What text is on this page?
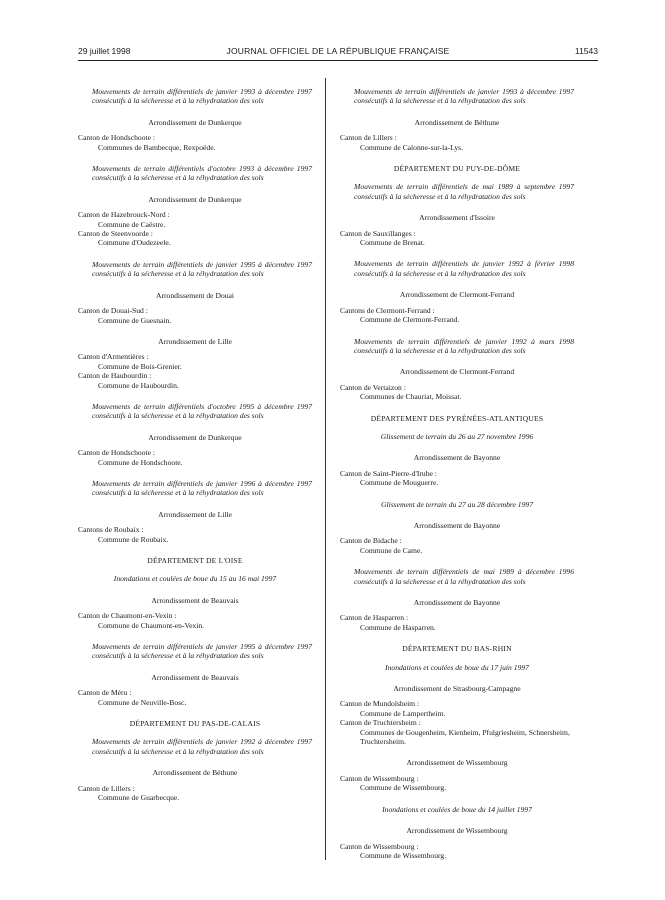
29 juillet 1998	JOURNAL OFFICIEL DE LA RÉPUBLIQUE FRANÇAISE	11543
Mouvements de terrain différentiels de janvier 1993 à décembre 1997 consécutifs à la sécheresse et à la réhydratation des sols
Arrondissement de Dunkerque
Canton de Hondschoote :
Communes de Bambecque, Rexpoëde.
Mouvements de terrain différentiels d'octobre 1993 à décembre 1997 consécutifs à la sécheresse et à la réhydratation des sols
Arrondissement de Dunkerque
Canton de Hazebrouck-Nord :
Commune de Caëstre.
Canton de Steenvoorde :
Commune d'Oudezeele.
Mouvements de terrain différentiels de janvier 1995 à décembre 1997 consécutifs à la sécheresse et à la réhydratation des sols
Arrondissement de Douai
Canton de Douai-Sud :
Commune de Guesnain.
Arrondissement de Lille
Canton d'Armentières :
Commune de Bois-Grenier.
Canton de Haubourdin :
Commune de Haubourdin.
Mouvements de terrain différentiels d'octobre 1995 à décembre 1997 consécutifs à la sécheresse et à la réhydratation des sols
Arrondissement de Dunkerque
Canton de Hondschoote :
Commune de Hondschoote.
Mouvements de terrain différentiels de janvier 1996 à décembre 1997 consécutifs à la sécheresse et à la réhydratation des sols
Arrondissement de Lille
Cantons de Roubaix :
Commune de Roubaix.
DÉPARTEMENT DE L'OISE
Inondations et coulées de boue du 15 au 16 mai 1997
Arrondissement de Beauvais
Canton de Chaumont-en-Vexin :
Commune de Chaumont-en-Vexin.
Mouvements de terrain différentiels de janvier 1995 à décembre 1997 consécutifs à la sécheresse et à la réhydratation des sols
Arrondissement de Beauvais
Canton de Méru :
Commune de Neuville-Bosc.
DÉPARTEMENT DU PAS-DE-CALAIS
Mouvements de terrain différentiels de janvier 1992 à décembre 1997 consécutifs à la sécheresse et à la réhydratation des sols
Arrondissement de Béthune
Canton de Lillers :
Commune de Guarbecque.
Mouvements de terrain différentiels de janvier 1993 à décembre 1997 consécutifs à la sécheresse et à la réhydratation des sols
Arrondissement de Béthune
Canton de Lillers :
Commune de Calonne-sur-la-Lys.
DÉPARTEMENT DU PUY-DE-DÔME
Mouvements de terrain différentiels de mai 1989 à septembre 1997 consécutifs à la sécheresse et à la réhydratation des sols
Arrondissement d'Issoire
Canton de Sauxillanges :
Commune de Brenat.
Mouvements de terrain différentiels de janvier 1992 à février 1998 consécutifs à la sécheresse et à la réhydratation des sols
Arrondissement de Clermont-Ferrand
Cantons de Clermont-Ferrand :
Commune de Clermont-Ferrand.
Mouvements de terrain différentiels de janvier 1992 à mars 1998 consécutifs à la sécheresse et à la réhydratation des sols
Arrondissement de Clermont-Ferrand
Canton de Vertaizon :
Communes de Chauriat, Moissat.
DÉPARTEMENT DES PYRÉNÉES-ATLANTIQUES
Glissement de terrain du 26 au 27 novembre 1996
Arrondissement de Bayonne
Canton de Saint-Pierre-d'Irube :
Commune de Mouguerre.
Glissement de terrain du 27 au 28 décembre 1997
Arrondissement de Bayonne
Canton de Bidache :
Commune de Came.
Mouvements de terrain différentiels de mai 1989 à décembre 1996 consécutifs à la sécheresse et à la réhydratation des sols
Arrondissement de Bayonne
Canton de Hasparren :
Commune de Hasparren.
DÉPARTEMENT DU BAS-RHIN
Inondations et coulées de boue du 17 juin 1997
Arrondissement de Strasbourg-Campagne
Canton de Mundolsheim :
Commune de Lampertheim.
Canton de Truchtersheim :
Communes de Gougenheim, Kienheim, Pfulgriesheim, Schnersheim, Truchtersheim.
Arrondissement de Wissembourg
Canton de Wissembourg :
Commune de Wissembourg.
Inondations et coulées de boue du 14 juillet 1997
Arrondissement de Wissembourg
Canton de Wissembourg :
Commune de Wissembourg.
